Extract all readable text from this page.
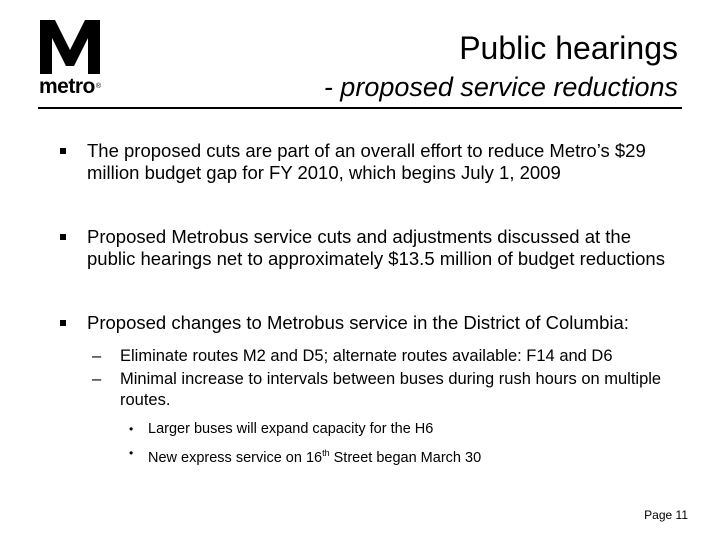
metro®
Public hearings
- proposed service reductions
The proposed cuts are part of an overall effort to reduce Metro’s $29 million budget gap for FY 2010, which begins July 1, 2009
Proposed Metrobus service cuts and adjustments discussed at the public hearings net to approximately $13.5 million of budget reductions
Proposed changes to Metrobus service in the District of Columbia:
– Eliminate routes M2 and D5; alternate routes available: F14 and D6
– Minimal increase to intervals between buses during rush hours on multiple routes.
• Larger buses will expand capacity for the H6
• New express service on 16th Street began March 30
Page 11
